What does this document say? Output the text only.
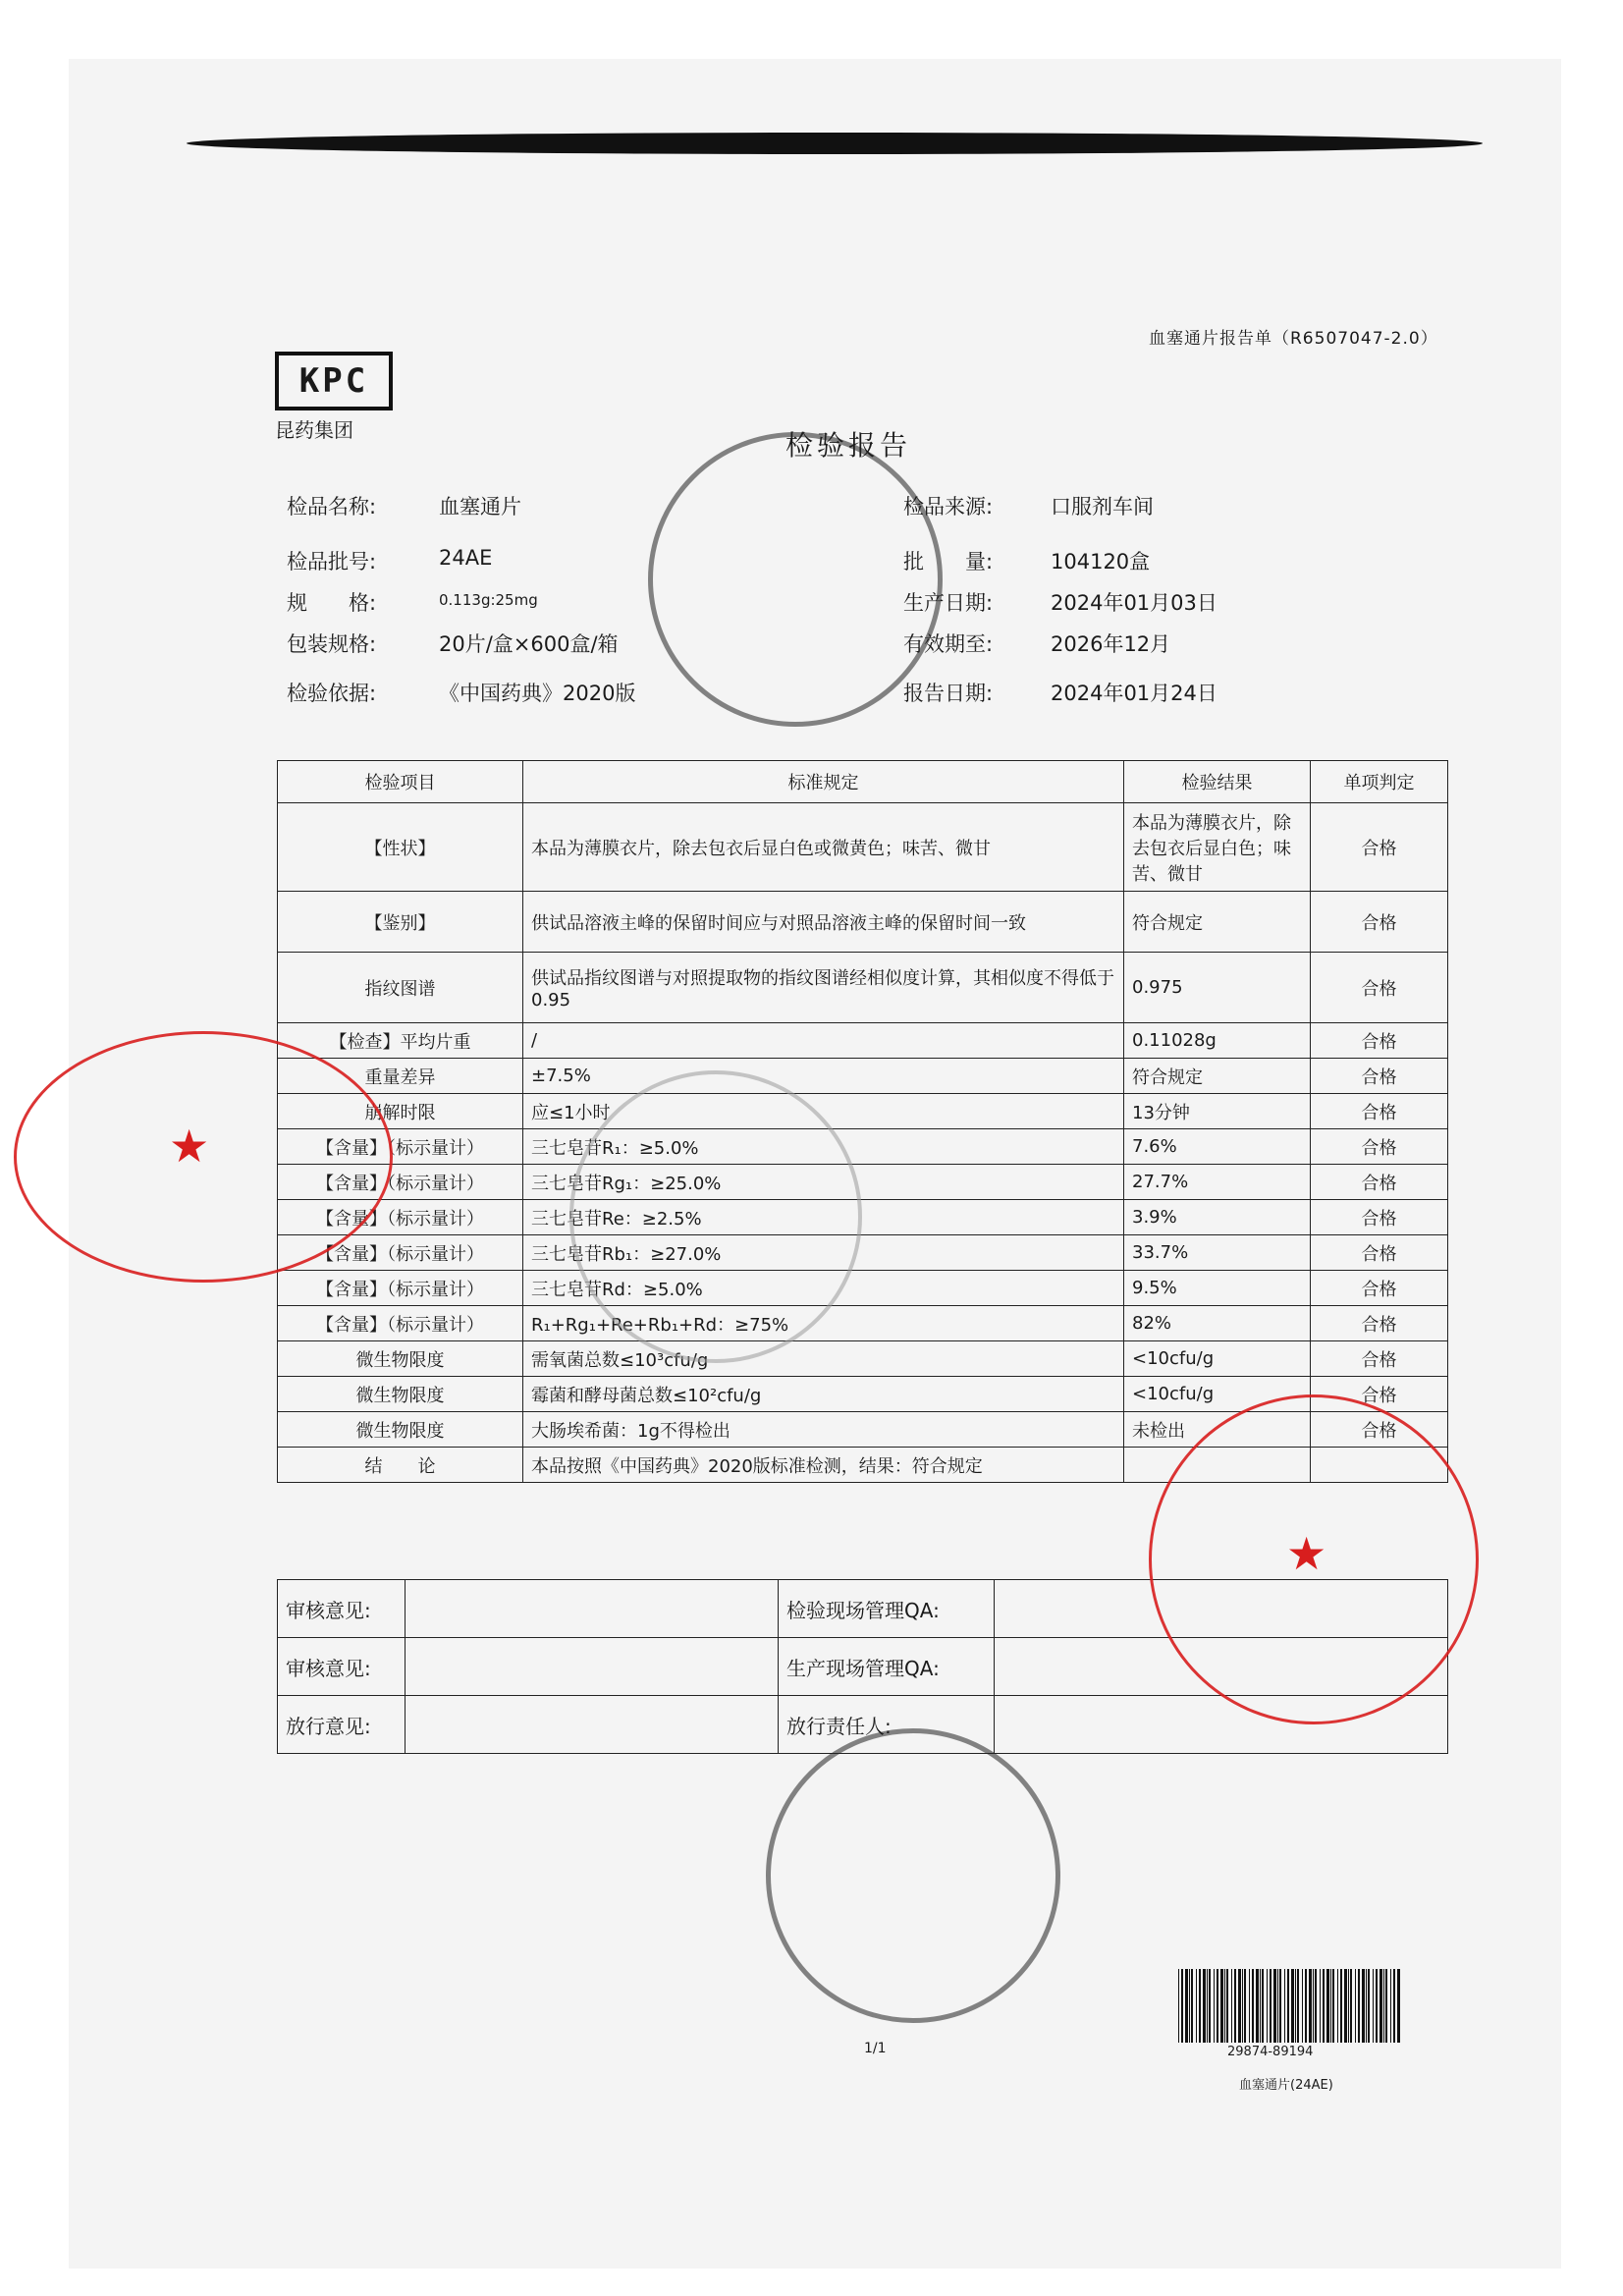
血塞通片报告单（R6507047-2.0）
KPC
昆药集团	检验报告
检品名称:	血塞通片
检品批号:	24AE
规　　格:	0.113g:25mg
包装规格:	20片/盒×600盒/箱
检验依据:	《中国药典》2020版
检品来源:	口服剂车间
批　　量:	104120盒
生产日期:	2024年01月03日
有效期至:	2026年12月
报告日期:	2024年01月24日
检验项目	标准规定	检验结果	单项判定
【性状】	本品为薄膜衣片，除去包衣后显白色或微黄色；味苦、微甘	本品为薄膜衣片，除去包衣后显白色；味苦、微甘	合格
【鉴别】	供试品溶液主峰的保留时间应与对照品溶液主峰的保留时间一致	符合规定	合格
指纹图谱	供试品指纹图谱与对照提取物的指纹图谱经相似度计算，其相似度不得低于0.95	0.975	合格
【检查】平均片重	/	0.11028g	合格
重量差异	±7.5%	符合规定	合格
崩解时限	应≤1小时	13分钟	合格
【含量】（标示量计）	三七皂苷R₁：≥5.0%	7.6%	合格
【含量】（标示量计）	三七皂苷Rg₁：≥25.0%	27.7%	合格
【含量】（标示量计）	三七皂苷Re：≥2.5%	3.9%	合格
【含量】（标示量计）	三七皂苷Rb₁：≥27.0%	33.7%	合格
【含量】（标示量计）	三七皂苷Rd：≥5.0%	9.5%	合格
【含量】（标示量计）	R₁+Rg₁+Re+Rb₁+Rd：≥75%	82%	合格
微生物限度	需氧菌总数≤10³cfu/g	<10cfu/g	合格
微生物限度	霉菌和酵母菌总数≤10²cfu/g	<10cfu/g	合格
微生物限度	大肠埃希菌：1g不得检出	未检出	合格
结　　论	本品按照《中国药典》2020版标准检测，结果：符合规定		
审核意见:		检验现场管理QA:	
审核意见:		生产现场管理QA:	
放行意见:		放行责任人:	
★
★
1/1	29874-89194
血塞通片(24AE)
